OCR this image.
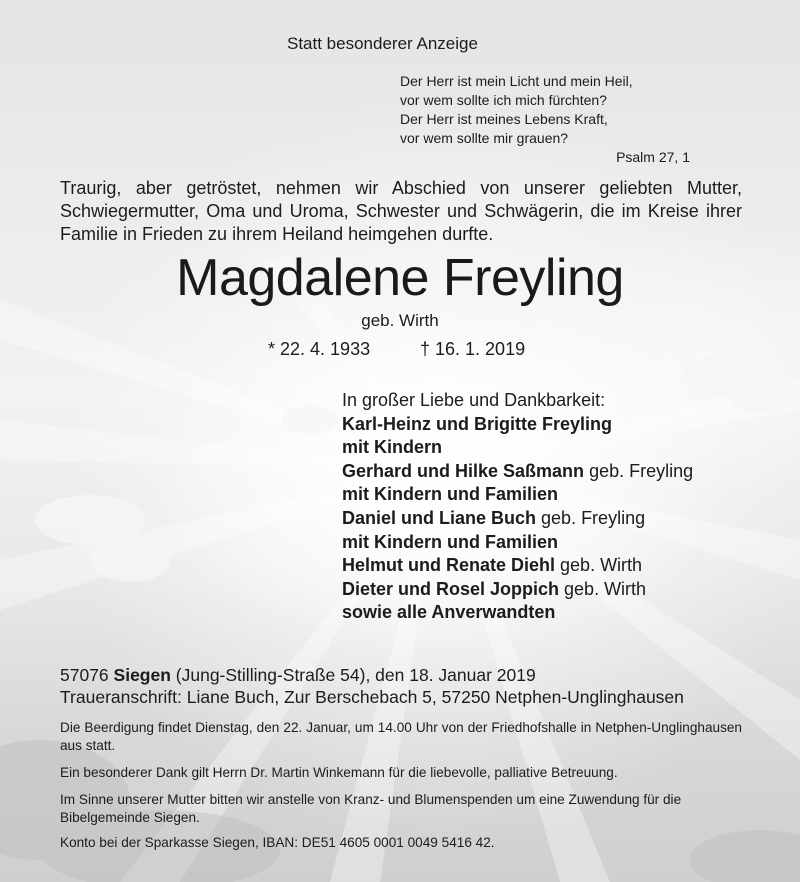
Statt besonderer Anzeige
Der Herr ist mein Licht und mein Heil,
vor wem sollte ich mich fürchten?
Der Herr ist meines Lebens Kraft,
vor wem sollte mir grauen?
Psalm 27, 1
Traurig, aber getröstet, nehmen wir Abschied von unserer geliebten Mutter, Schwiegermutter, Oma und Uroma, Schwester und Schwägerin, die im Kreise ihrer Familie in Frieden zu ihrem Heiland heimgehen durfte.
Magdalene Freyling
geb. Wirth
* 22. 4. 1933	† 16. 1. 2019
In großer Liebe und Dankbarkeit:
Karl-Heinz und Brigitte Freyling
mit Kindern
Gerhard und Hilke Saßmann geb. Freyling
mit Kindern und Familien
Daniel und Liane Buch geb. Freyling
mit Kindern und Familien
Helmut und Renate Diehl geb. Wirth
Dieter und Rosel Joppich geb. Wirth
sowie alle Anverwandten
57076 Siegen (Jung-Stilling-Straße 54), den 18. Januar 2019
Traueranschrift: Liane Buch, Zur Berschebach 5, 57250 Netphen-Unglinghausen
Die Beerdigung findet Dienstag, den 22. Januar, um 14.00 Uhr von der Friedhofshalle in Netphen-Unglinghausen aus statt.
Ein besonderer Dank gilt Herrn Dr. Martin Winkemann für die liebevolle, palliative Betreuung.
Im Sinne unserer Mutter bitten wir anstelle von Kranz- und Blumenspenden um eine Zuwendung für die Bibelgemeinde Siegen.
Konto bei der Sparkasse Siegen, IBAN: DE51 4605 0001 0049 5416 42.
